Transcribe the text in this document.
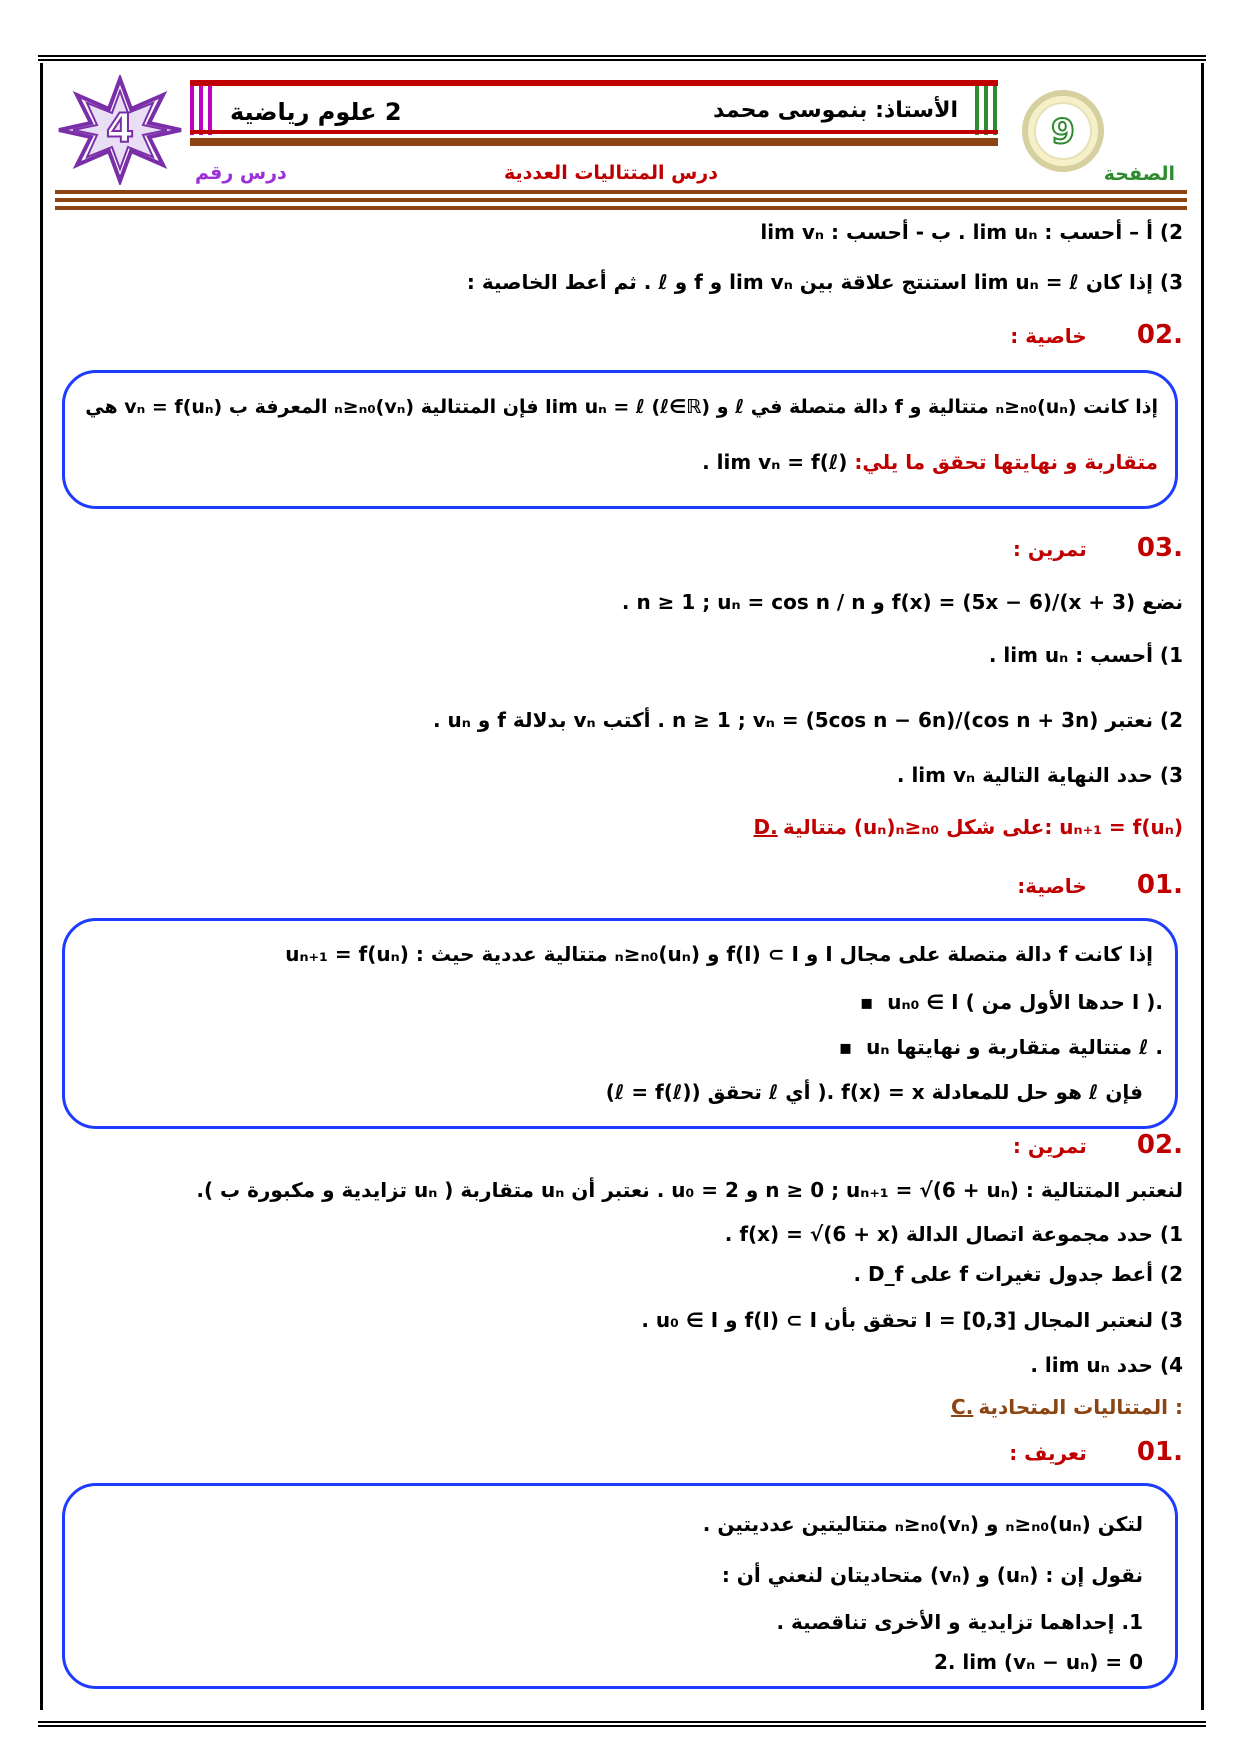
4	2 علوم رياضية	الأستاذ: بنموسى محمد
9
الصفحة
درس المتتاليات العددية
درس رقم
2) أ – أحسب : lim uₙ . ب - أحسب : lim vₙ
3) إذا كان lim uₙ = ℓ استنتج علاقة بين lim vₙ و f و ℓ . ثم أعط الخاصية :
.02  خاصية :
إذا كانت (uₙ)ₙ≥ₙ₀ متتالية و f دالة متصلة في ℓ و lim uₙ = ℓ (ℓ∈ℝ) فإن المتتالية (vₙ)ₙ≥ₙ₀ المعرفة ب vₙ = f(uₙ) هي
متقاربة و نهايتها تحقق ما يلي: lim vₙ = f(ℓ) .
.03  تمرين :
نضع f(x) = (5x − 6)/(x + 3) و n ≥ 1 ; uₙ = cos n / n .
1) أحسب : lim uₙ .
2) نعتبر n ≥ 1 ; vₙ = (5cos n − 6n)/(cos n + 3n) . أكتب vₙ بدلالة f و uₙ .
3) حدد النهاية التالية lim vₙ .
D. متتالية (uₙ)ₙ≥ₙ₀ على شكل: uₙ₊₁ = f(uₙ)
.01  خاصية:
إذا كانت f دالة متصلة على مجال I و f(I) ⊂ I و (uₙ)ₙ≥ₙ₀ متتالية عددية حيث : uₙ₊₁ = f(uₙ)
▪  uₙ₀ ∈ I ( حدها الأول من I ).
▪  uₙ متتالية متقاربة و نهايتها ℓ .
فإن ℓ هو حل للمعادلة f(x) = x .( أي ℓ تحقق (ℓ = f(ℓ))
.02  تمرين :
لنعتبر المتتالية : n ≥ 0 ; uₙ₊₁ = √(6 + uₙ) و u₀ = 2 . نعتبر أن uₙ متقاربة ( uₙ تزايدية و مكبورة ب ).
1) حدد مجموعة اتصال الدالة f(x) = √(6 + x) .
2) أعط جدول تغيرات f على D_f .
3) لنعتبر المجال I = [0,3] تحقق بأن f(I) ⊂ I و u₀ ∈ I .
4) حدد lim uₙ .
C. المتتاليات المتحادية :
.01  تعريف :
لتكن (uₙ)ₙ≥ₙ₀ و (vₙ)ₙ≥ₙ₀ متتاليتين عدديتين .
نقول إن : (uₙ) و (vₙ) متحاديتان لنعني أن :
1. إحداهما تزايدية و الأخرى تناقصية .
2. lim (vₙ − uₙ) = 0
